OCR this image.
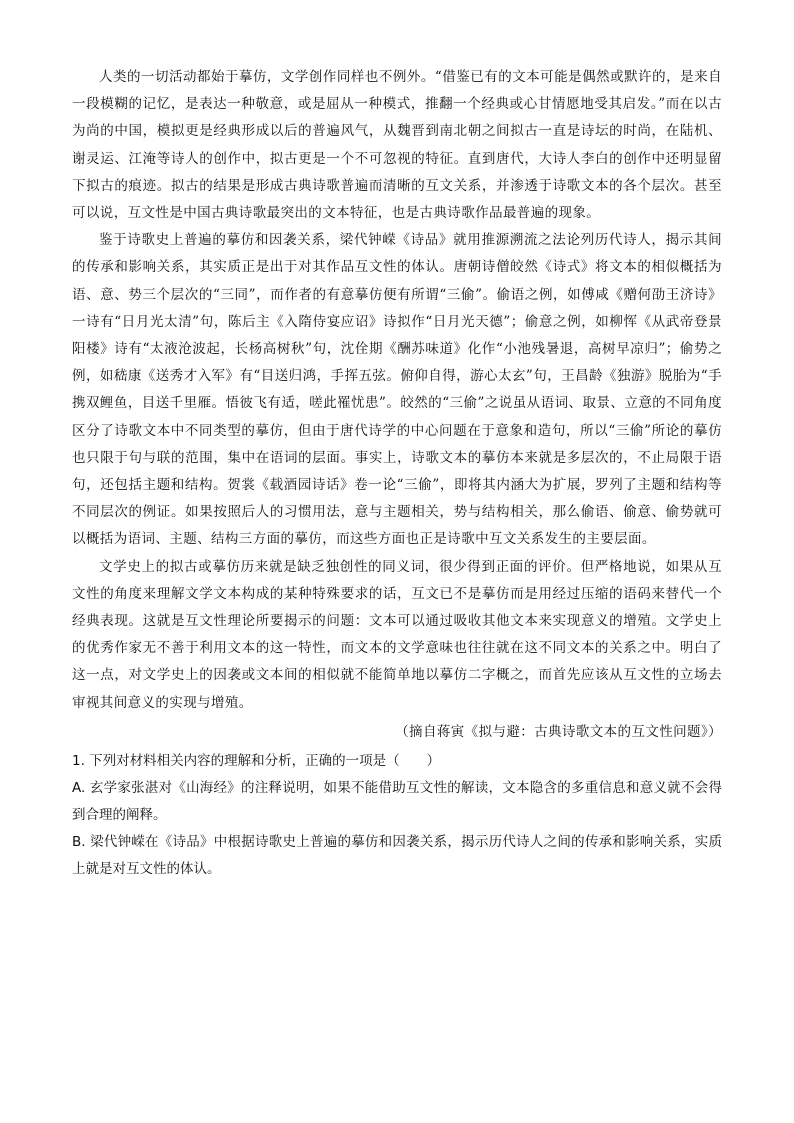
人类的一切活动都始于摹仿，文学创作同样也不例外。“借鉴已有的文本可能是偶然或默许的，是来自一段模糊的记忆，是表达一种敬意，或是屈从一种模式，推翻一个经典或心甘情愿地受其启发。”而在以古为尚的中国，模拟更是经典形成以后的普遍风气，从魏晋到南北朝之间拟古一直是诗坛的时尚，在陆机、谢灵运、江淹等诗人的创作中，拟古更是一个不可忽视的特征。直到唐代，大诗人李白的创作中还明显留下拟古的痕迹。拟古的结果是形成古典诗歌普遍而清晰的互文关系，并渗透于诗歌文本的各个层次。甚至可以说，互文性是中国古典诗歌最突出的文本特征，也是古典诗歌作品最普遍的现象。

鉴于诗歌史上普遍的摹仿和因袭关系，梁代钟嵘《诗品》就用推源溯流之法论列历代诗人，揭示其间的传承和影响关系，其实质正是出于对其作品互文性的体认。唐朝诗僧皎然《诗式》将文本的相似概括为语、意、势三个层次的“三同”，而作者的有意摹仿便有所谓“三偷”。偷语之例，如傅咸《赠何劭王济诗》一诗有“日月光太清”句，陈后主《入隋侍宴应诏》诗拟作“日月光天德”；偷意之例，如柳恽《从武帝登景阳楼》诗有“太液沧波起，长杨高树秋”句，沈佺期《酬苏味道》化作“小池残暑退，高树早凉归”；偷势之例，如嵇康《送秀才入军》有“目送归鸿，手挥五弦。俯仰自得，游心太玄”句，王昌龄《独游》脱胎为“手携双鲤鱼，目送千里雁。悟彼飞有适，嗟此罹忧患”。皎然的“三偷”之说虽从语词、取景、立意的不同角度区分了诗歌文本中不同类型的摹仿，但由于唐代诗学的中心问题在于意象和造句，所以“三偷”所论的摹仿也只限于句与联的范围，集中在语词的层面。事实上，诗歌文本的摹仿本来就是多层次的，不止局限于语句，还包括主题和结构。贺裳《载酒园诗话》卷一论“三偷”，即将其内涵大为扩展，罗列了主题和结构等不同层次的例证。如果按照后人的习惯用法，意与主题相关，势与结构相关，那么偷语、偷意、偷势就可以概括为语词、主题、结构三方面的摹仿，而这些方面也正是诗歌中互文关系发生的主要层面。

文学史上的拟古或摹仿历来就是缺乏独创性的同义词，很少得到正面的评价。但严格地说，如果从互文性的角度来理解文学文本构成的某种特殊要求的话，互文已不是摹仿而是用经过压缩的语码来替代一个经典表现。这就是互文性理论所要揭示的问题：文本可以通过吸收其他文本来实现意义的增殖。文学史上的优秀作家无不善于利用文本的这一特性，而文本的文学意味也往往就在这不同文本的关系之中。明白了这一点，对文学史上的因袭或文本间的相似就不能简单地以摹仿二字概之，而首先应该从互文性的立场去审视其间意义的实现与增殖。

（摘自蒋寅《拟与避：古典诗歌文本的互文性问题》）

1. 下列对材料相关内容的理解和分析，正确的一项是（　　）

A. 玄学家张湛对《山海经》的注释说明，如果不能借助互文性的解读，文本隐含的多重信息和意义就不会得到合理的阐释。

B. 梁代钟嵘在《诗品》中根据诗歌史上普遍的摹仿和因袭关系，揭示历代诗人之间的传承和影响关系，实质上就是对互文性的体认。
